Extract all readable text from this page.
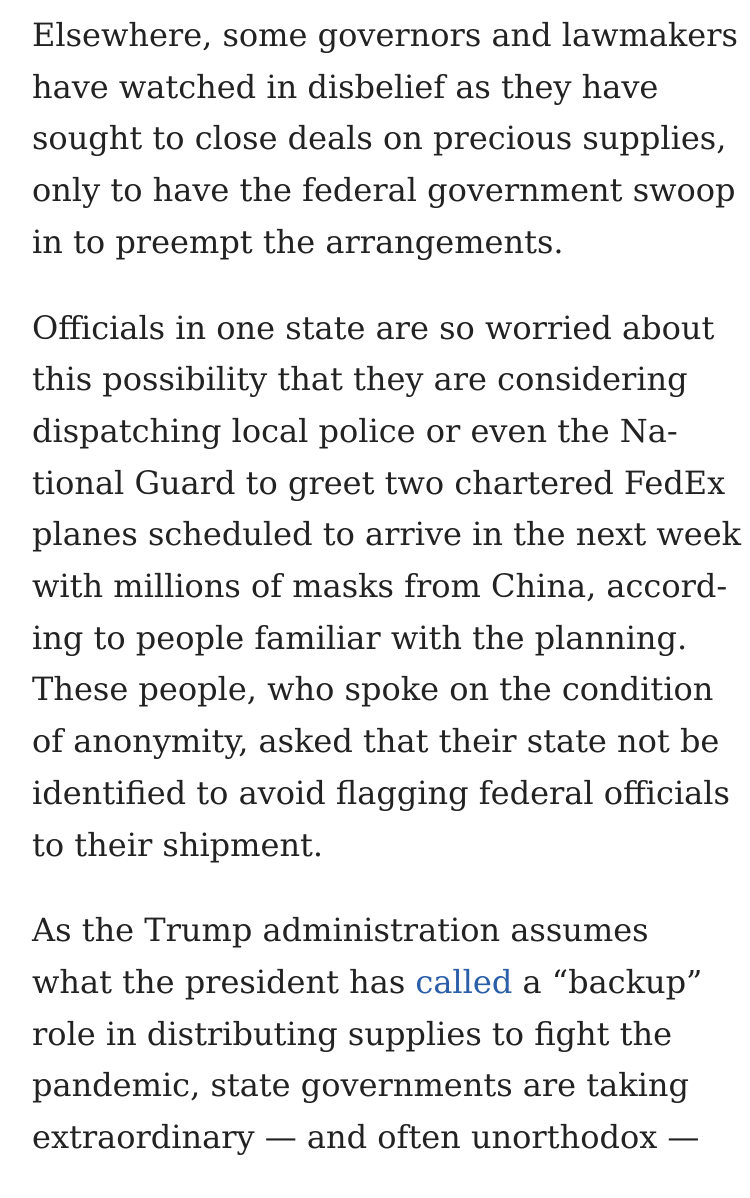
Elsewhere, some governors and lawmakers
have watched in disbelief as they have
sought to close deals on precious supplies,
only to have the federal government swoop
in to preempt the arrangements.

Officials in one state are so worried about
this possibility that they are considering
dispatching local police or even the Na-
tional Guard to greet two chartered FedEx
planes scheduled to arrive in the next week
with millions of masks from China, accord-
ing to people familiar with the planning.
These people, who spoke on the condition
of anonymity, asked that their state not be
identified to avoid flagging federal officials
to their shipment.

As the Trump administration assumes
what the president has called a “backup”
role in distributing supplies to fight the
pandemic, state governments are taking
extraordinary — and often unorthodox —
